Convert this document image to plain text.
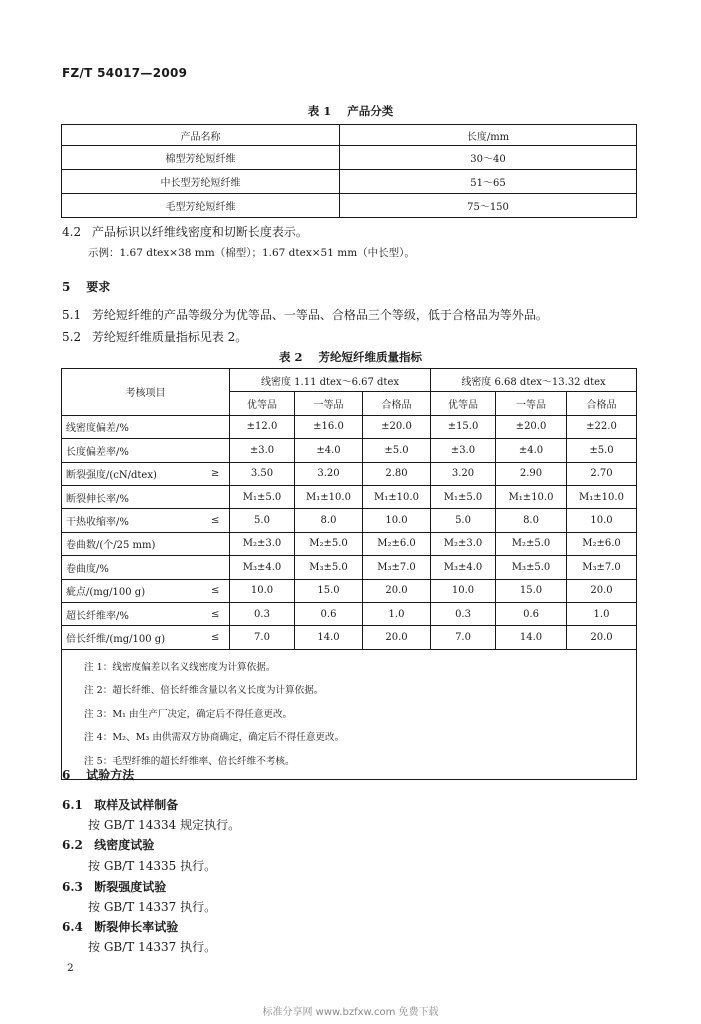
FZ/T 54017—2009
表 1    产品分类
产品名称	长度/mm
棉型芳纶短纤维	30～40
中长型芳纶短纤维	51～65
毛型芳纶短纤维	75～150
4.2 产品标识以纤维线密度和切断长度表示。
示例：1.67 dtex×38 mm（棉型）；1.67 dtex×51 mm（中长型）。
5 要求
5.1 芳纶短纤维的产品等级分为优等品、一等品、合格品三个等级，低于合格品为等外品。
5.2 芳纶短纤维质量指标见表 2。
表 2    芳纶短纤维质量指标
考核项目		线密度 1.11 dtex～6.67 dtex			线密度 6.68 dtex～13.32 dtex		
		优等品	一等品	合格品	优等品	一等品	合格品
线密度偏差/%		±12.0	±16.0	±20.0	±15.0	±20.0	±22.0
长度偏差率/%		±3.0	±4.0	±5.0	±3.0	±4.0	±5.0
断裂强度/(cN/dtex)	≥	3.50	3.20	2.80	3.20	2.90	2.70
断裂伸长率/%		M₁±5.0	M₁±10.0	M₁±10.0	M₁±5.0	M₁±10.0	M₁±10.0
干热收缩率/%	≤	5.0	8.0	10.0	5.0	8.0	10.0
卷曲数/(个/25 mm)		M₂±3.0	M₂±5.0	M₂±6.0	M₂±3.0	M₂±5.0	M₂±6.0
卷曲度/%		M₃±4.0	M₃±5.0	M₃±7.0	M₃±4.0	M₃±5.0	M₃±7.0
疵点/(mg/100 g)	≤	10.0	15.0	20.0	10.0	15.0	20.0
超长纤维率/%	≤	0.3	0.6	1.0	0.3	0.6	1.0
倍长纤维/(mg/100 g)	≤	7.0	14.0	20.0	7.0	14.0	20.0

注 1：线密度偏差以名义线密度为计算依据。
注 2：超长纤维、倍长纤维含量以名义长度为计算依据。
注 3：M₁ 由生产厂决定，确定后不得任意更改。
注 4：M₂、M₃ 由供需双方协商确定，确定后不得任意更改。
注 5：毛型纤维的超长纤维率、倍长纤维不考核。							
6 试验方法
6.1 取样及试样制备
按 GB/T 14334 规定执行。
6.2 线密度试验
按 GB/T 14335 执行。
6.3 断裂强度试验
按 GB/T 14337 执行。
6.4 断裂伸长率试验
按 GB/T 14337 执行。
2
标准分享网 www.bzfxw.com 免费下载
